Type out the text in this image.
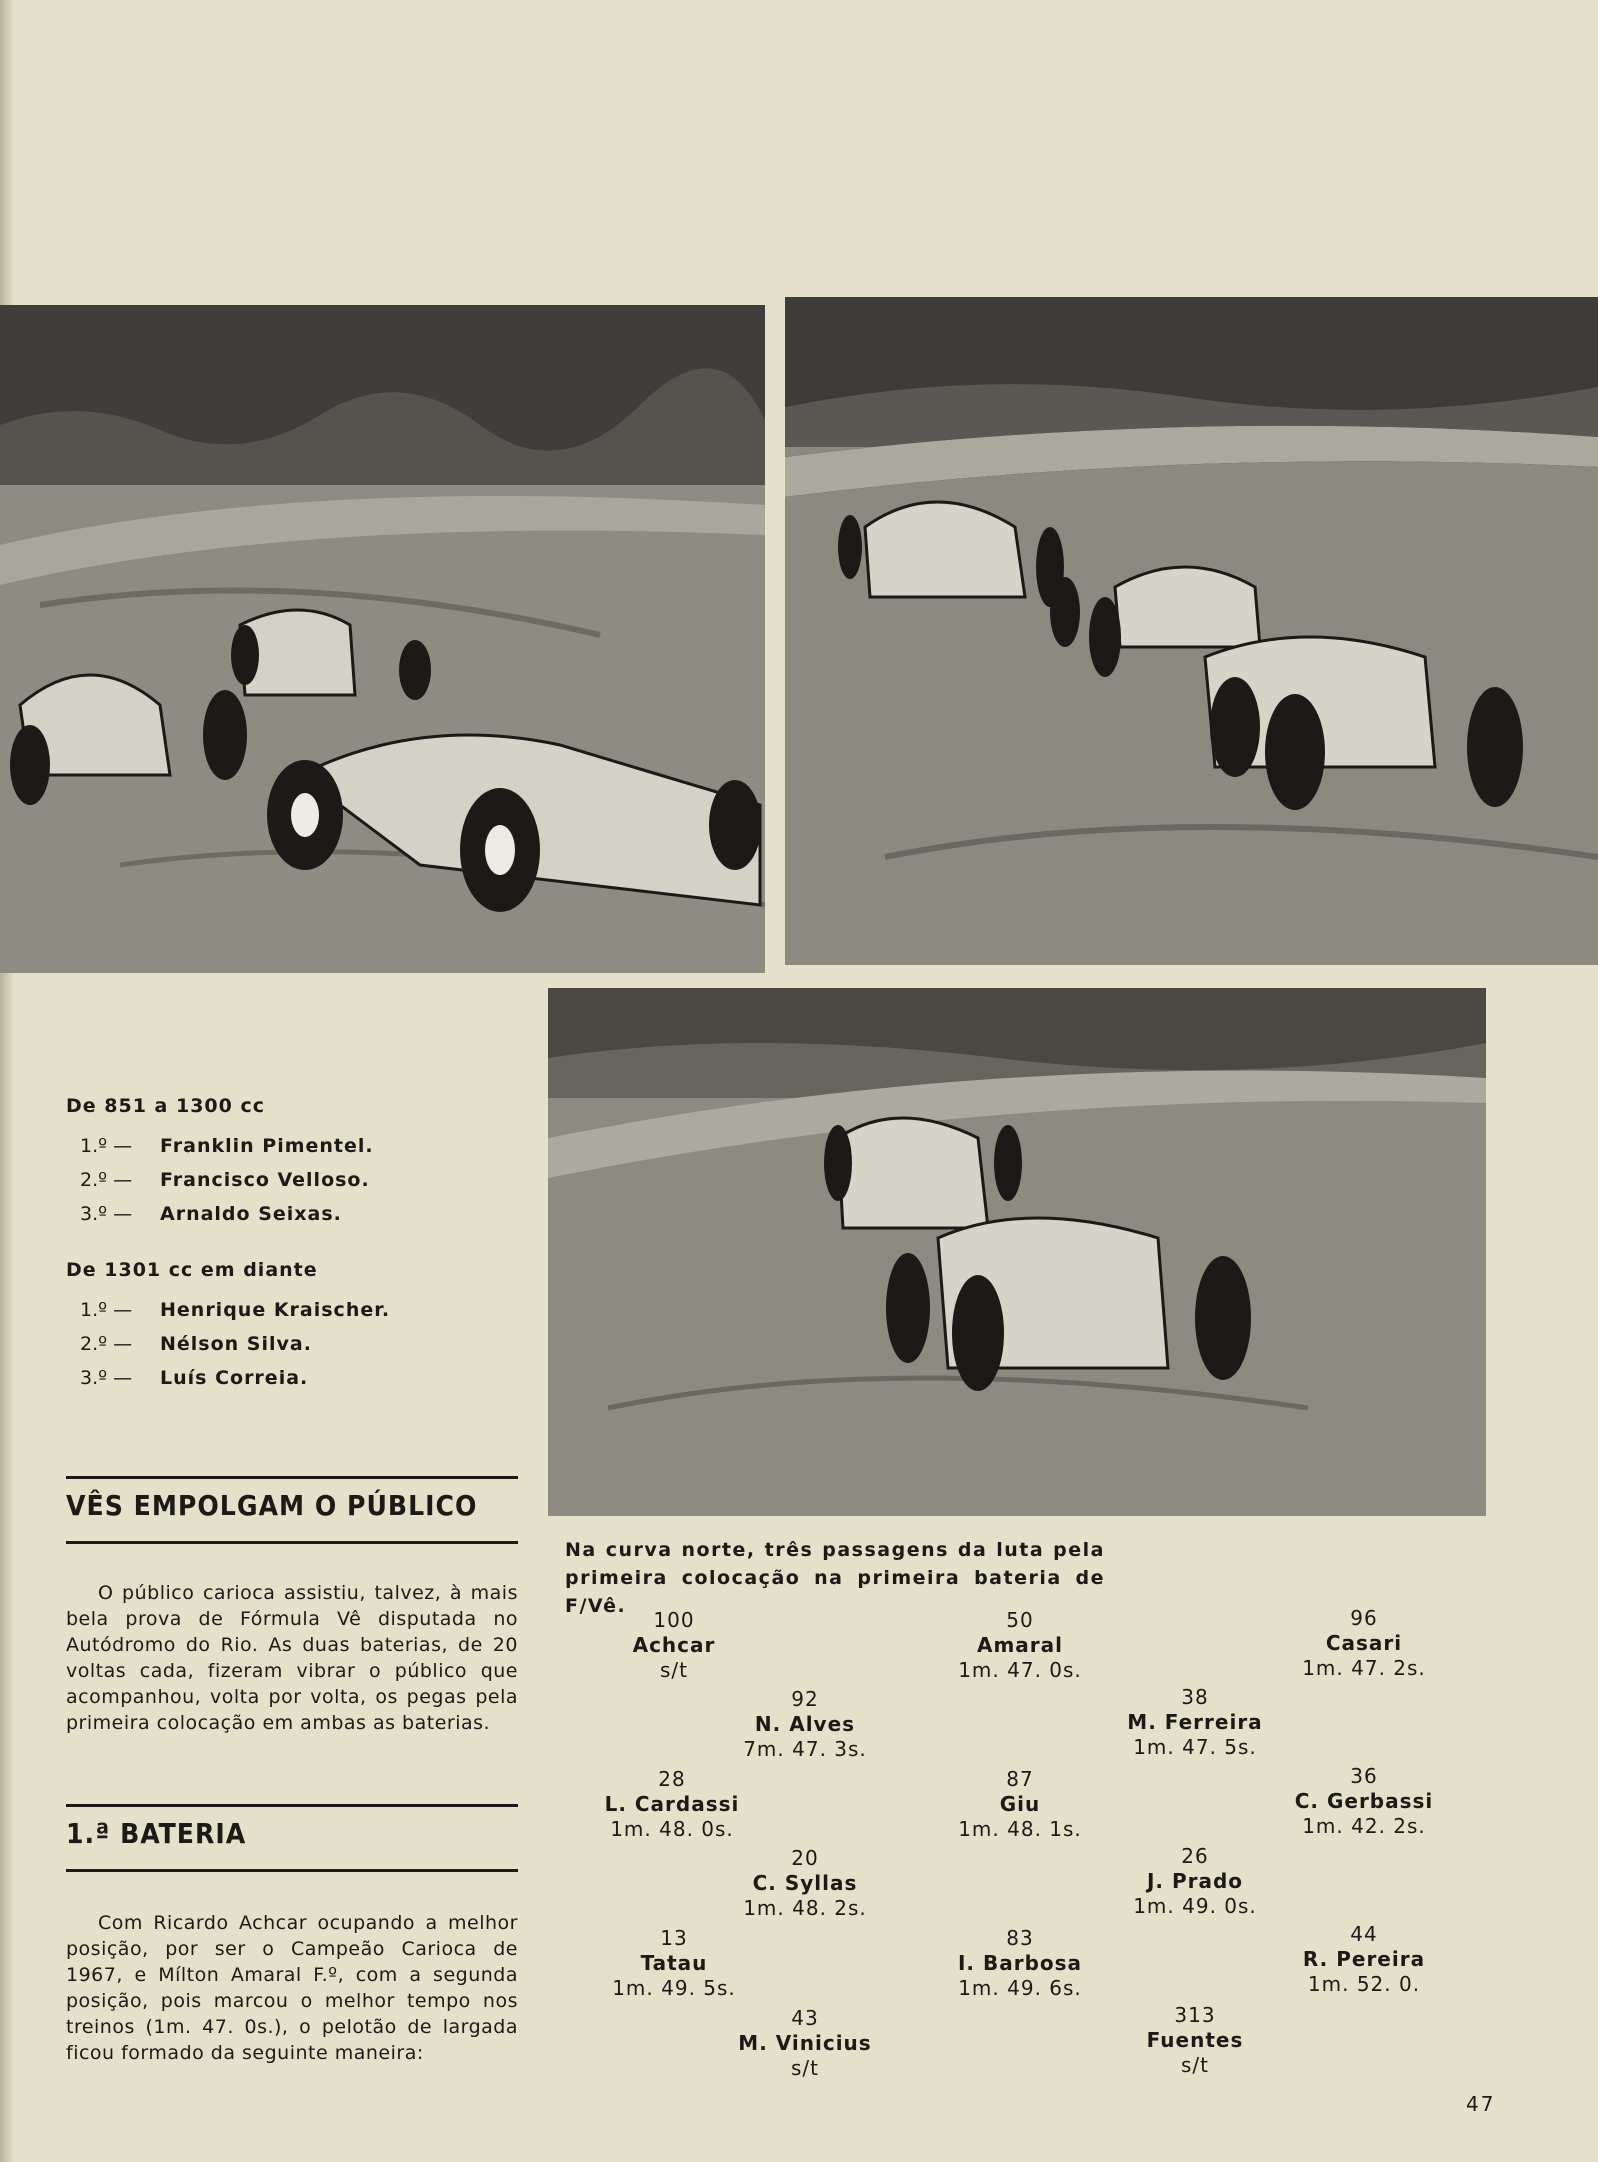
De 851 a 1300 cc
1.º —	Franklin Pimentel.
2.º —	Francisco Velloso.
3.º —	Arnaldo Seixas.
De 1301 cc em diante
1.º —	Henrique Kraischer.
2.º —	Nélson Silva.
3.º —	Luís Correia.
VÊS EMPOLGAM O PÚBLICO
O público carioca assistiu, talvez, à mais bela prova de Fórmula Vê disputada no Autódromo do Rio. As duas baterias, de 20 voltas cada, fizeram vibrar o público que acompanhou, volta por volta, os pegas pela primeira colocação em ambas as baterias.
1.ª BATERIA
Com Ricardo Achcar ocupando a melhor posição, por ser o Campeão Carioca de 1967, e Mílton Amaral F.º, com a segunda posição, pois marcou o melhor tempo nos treinos (1m. 47. 0s.), o pelotão de largada ficou formado da seguinte maneira:
Na curva norte, três passagens da luta pela primeira colocação na primeira bateria de F/Vê.
100
Achcar
s/t
50
Amaral
1m. 47. 0s.
96
Casari
1m. 47. 2s.
92
N. Alves
7m. 47. 3s.
38
M. Ferreira
1m. 47. 5s.
28
L. Cardassi
1m. 48. 0s.
87
Giu
1m. 48. 1s.
36
C. Gerbassi
1m. 42. 2s.
20
C. Syllas
1m. 48. 2s.
26
J. Prado
1m. 49. 0s.
13
Tatau
1m. 49. 5s.
83
I. Barbosa
1m. 49. 6s.
44
R. Pereira
1m. 52. 0.
43
M. Vinicius
s/t
313
Fuentes
s/t
47
